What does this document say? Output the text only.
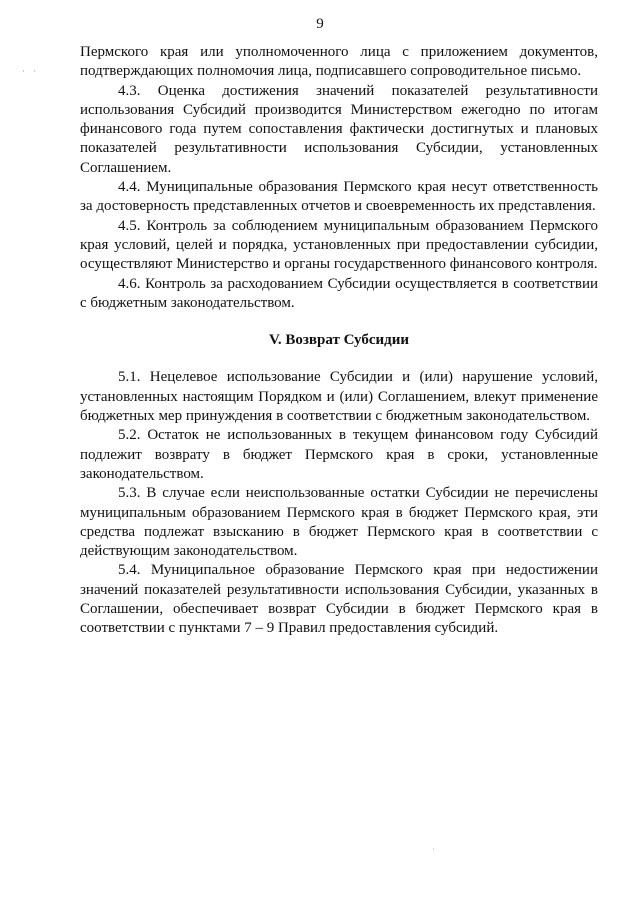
9
· ·

Пермского края или уполномоченного лица с приложением документов, подтверждающих полномочия лица, подписавшего сопроводительное письмо.

4.3. Оценка достижения значений показателей результативности использования Субсидий производится Министерством ежегодно по итогам финансового года путем сопоставления фактически достигнутых и плановых показателей результативности использования Субсидии, установленных Соглашением.

4.4. Муниципальные образования Пермского края несут ответственность за достоверность представленных отчетов и своевременность их представления.

4.5. Контроль за соблюдением муниципальным образованием Пермского края условий, целей и порядка, установленных при предоставлении субсидии, осуществляют Министерство и органы государственного финансового контроля.

4.6. Контроль за расходованием Субсидии осуществляется в соответствии с бюджетным законодательством.

V. Возврат Субсидии

5.1. Нецелевое использование Субсидии и (или) нарушение условий, установленных настоящим Порядком и (или) Соглашением, влекут применение бюджетных мер принуждения в соответствии с бюджетным законодательством.

5.2. Остаток не использованных в текущем финансовом году Субсидий подлежит возврату в бюджет Пермского края в сроки, установленные законодательством.

5.3. В случае если неиспользованные остатки Субсидии не перечислены муниципальным образованием Пермского края в бюджет Пермского края, эти средства подлежат взысканию в бюджет Пермского края в соответствии с действующим законодательством.

5.4. Муниципальное образование Пермского края при недостижении значений показателей результативности использования Субсидии, указанных в Соглашении, обеспечивает возврат Субсидии в бюджет Пермского края в соответствии с пунктами 7 – 9 Правил предоставления субсидий.

·
